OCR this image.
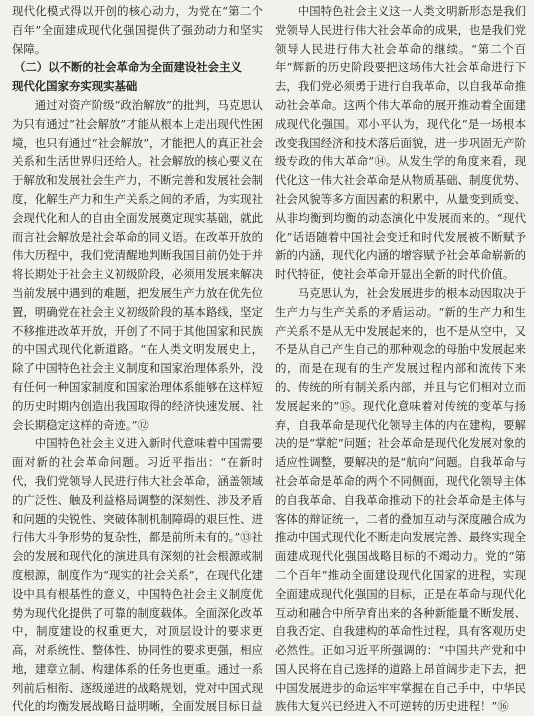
现代化模式得以开创的核心动力，为党在“第二个百年”全面建成现代化强国提供了强劲动力和坚实保障。

（二）以不断的社会革命为全面建设社会主义
现代化国家夯实现实基础

通过对资产阶级“政治解放”的批判，马克思认为只有通过“社会解放”才能从根本上走出现代性困境，也只有通过“社会解放”，才能把人的真正社会关系和生活世界归还给人。社会解放的核心要义在于解放和发展社会生产力，不断完善和发展社会制度，化解生产力和生产关系之间的矛盾，为实现社会现代化和人的自由全面发展奠定现实基础，就此而言社会解放是社会革命的同义语。在改革开放的伟大历程中，我们党清醒地判断我国目前仍处于并将长期处于社会主义初级阶段，必须用发展来解决当前发展中遇到的难题，把发展生产力放在优先位置，明确党在社会主义初级阶段的基本路线，坚定不移推进改革开放，开创了不同于其他国家和民族的中国式现代化新道路。“在人类文明发展史上，除了中国特色社会主义制度和国家治理体系外，没有任何一种国家制度和国家治理体系能够在这样短的历史时期内创造出我国取得的经济快速发展、社会长期稳定这样的奇迹。”⑫

中国特色社会主义进入新时代意味着中国需要面对新的社会革命问题。习近平指出：“在新时代，我们党领导人民进行伟大社会革命，涵盖领域的广泛性、触及利益格局调整的深刻性、涉及矛盾和问题的尖锐性、突破体制机制障碍的艰巨性、进行伟大斗争形势的复杂性，都是前所未有的。”⑬社会的发展和现代化的演进具有深刻的社会根源或制度根源，制度作为“现实的社会关系”，在现代化建设中具有根基性的意义，中国特色社会主义制度优势为现代化提供了可靠的制度载体。全面深化改革中，制度建设的权重更大，对顶层设计的要求更高，对系统性、整体性、协同性的要求更强，相应地，建章立制、构建体系的任务也更重。通过一系列前后相衔、逐级递进的战略规划，党对中国式现代化的均衡发展战略日益明晰，全面发展目标日益

中国特色社会主义这一人类文明新形态是我们党领导人民进行伟大社会革命的成果，也是我们党领导人民进行伟大社会革命的继续。“第二个百年”辉新的历史阶段要把这场伟大社会革命进行下去，我们党必须勇于进行自我革命，以自我革命推动社会革命。这两个伟大革命的展开推动着全面建成现代化强国。邓小平认为，现代化“是一场根本改变我国经济和技术落后面貌，进一步巩固无产阶级专政的伟大革命”⑭。从发生学的角度来看，现代化这一伟大社会革命是从物质基础、制度优势、社会风貌等多方面因素的积累中，从量变到质变、从非均衡到均衡的动态演化中发展而来的。“现代化”话语随着中国社会变迁和时代发展被不断赋予新的内涵，现代化内涵的增容赋予社会革命崭新的时代特征，使社会革命开显出全新的时代价值。

马克思认为，社会发展进步的根本动因取决于生产力与生产关系的矛盾运动。“新的生产力和生产关系不是从无中发展起来的，也不是从空中，又不是从自己产生自己的那种观念的母胎中发展起来的，而是在现有的生产发展过程内部和流传下来的、传统的所有制关系内部，并且与它们相对立而发展起来的”⑮。现代化意味着对传统的变革与扬弃，自我革命是现代化领导主体的内在建构，要解决的是“掌舵”问题；社会革命是现代化发展对象的适应性调整，要解决的是“航向”问题。自我革命与社会革命是革命的两个不同侧面，现代化领导主体的自我革命、自我革命推动下的社会革命是主体与客体的辩证统一，二者的叠加互动与深度融合成为推动中国式现代化不断走向发展完善、最终实现全面建成现代化强国战略目标的不竭动力。党的“第二个百年”推动全面建设现代化国家的进程，实现全面建成现代化强国的目标，正是在革命与现代化互动和融合中所孕育出来的各种新能量不断发展、自我否定、自我建构的革命性过程，具有客观历史必然性。正如习近平所强调的：“中国共产党和中国人民将在自己选择的道路上昂首阔步走下去，把中国发展进步的命运牢牢掌握在自己手中，中华民族伟大复兴已经进入不可逆转的历史进程！”⑯
